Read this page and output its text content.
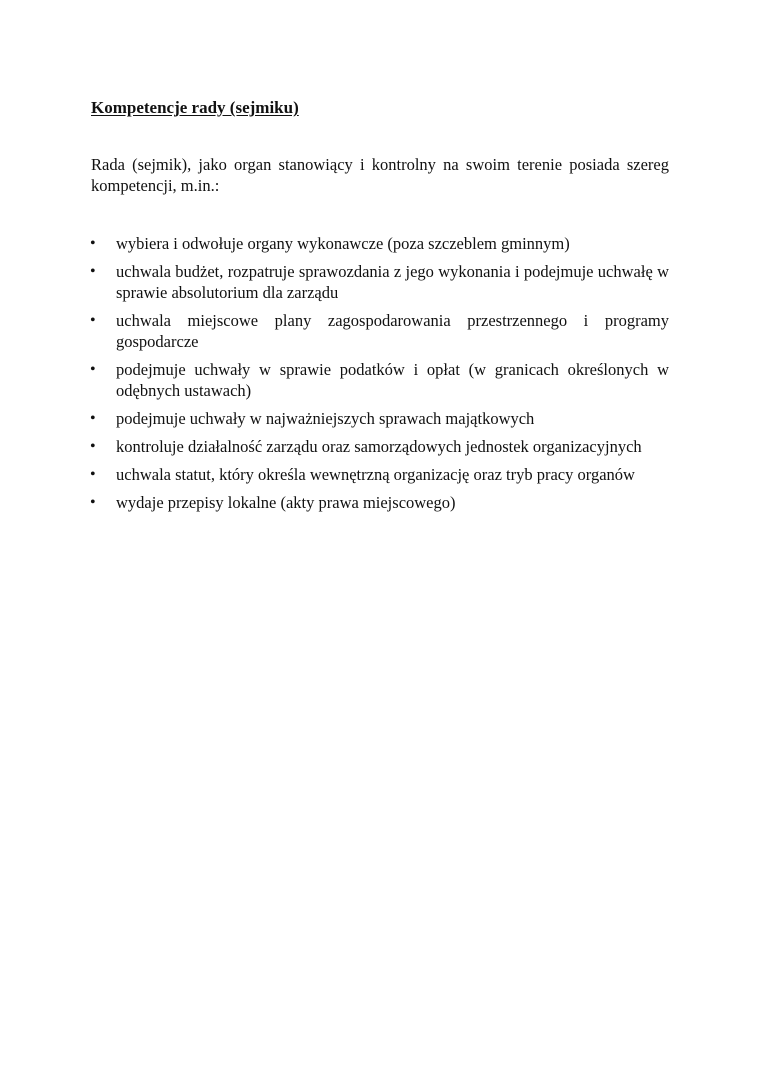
Kompetencje rady (sejmiku)

Rada (sejmik), jako organ stanowiący i kontrolny na swoim terenie posiada szereg kompetencji, m.in.:

• wybiera i odwołuje organy wykonawcze (poza szczeblem gminnym)
• uchwala budżet, rozpatruje sprawozdania z jego wykonania i podejmuje uchwałę w sprawie absolutorium dla zarządu
• uchwala miejscowe plany zagospodarowania przestrzennego i programy gospodarcze
• podejmuje uchwały w sprawie podatków i opłat (w granicach określonych w odębnych ustawach)
• podejmuje uchwały w najważniejszych sprawach majątkowych
• kontroluje działalność zarządu oraz samorządowych jednostek organizacyjnych
• uchwala statut, który określa wewnętrzną organizację oraz tryb pracy organów
• wydaje przepisy lokalne (akty prawa miejscowego)
